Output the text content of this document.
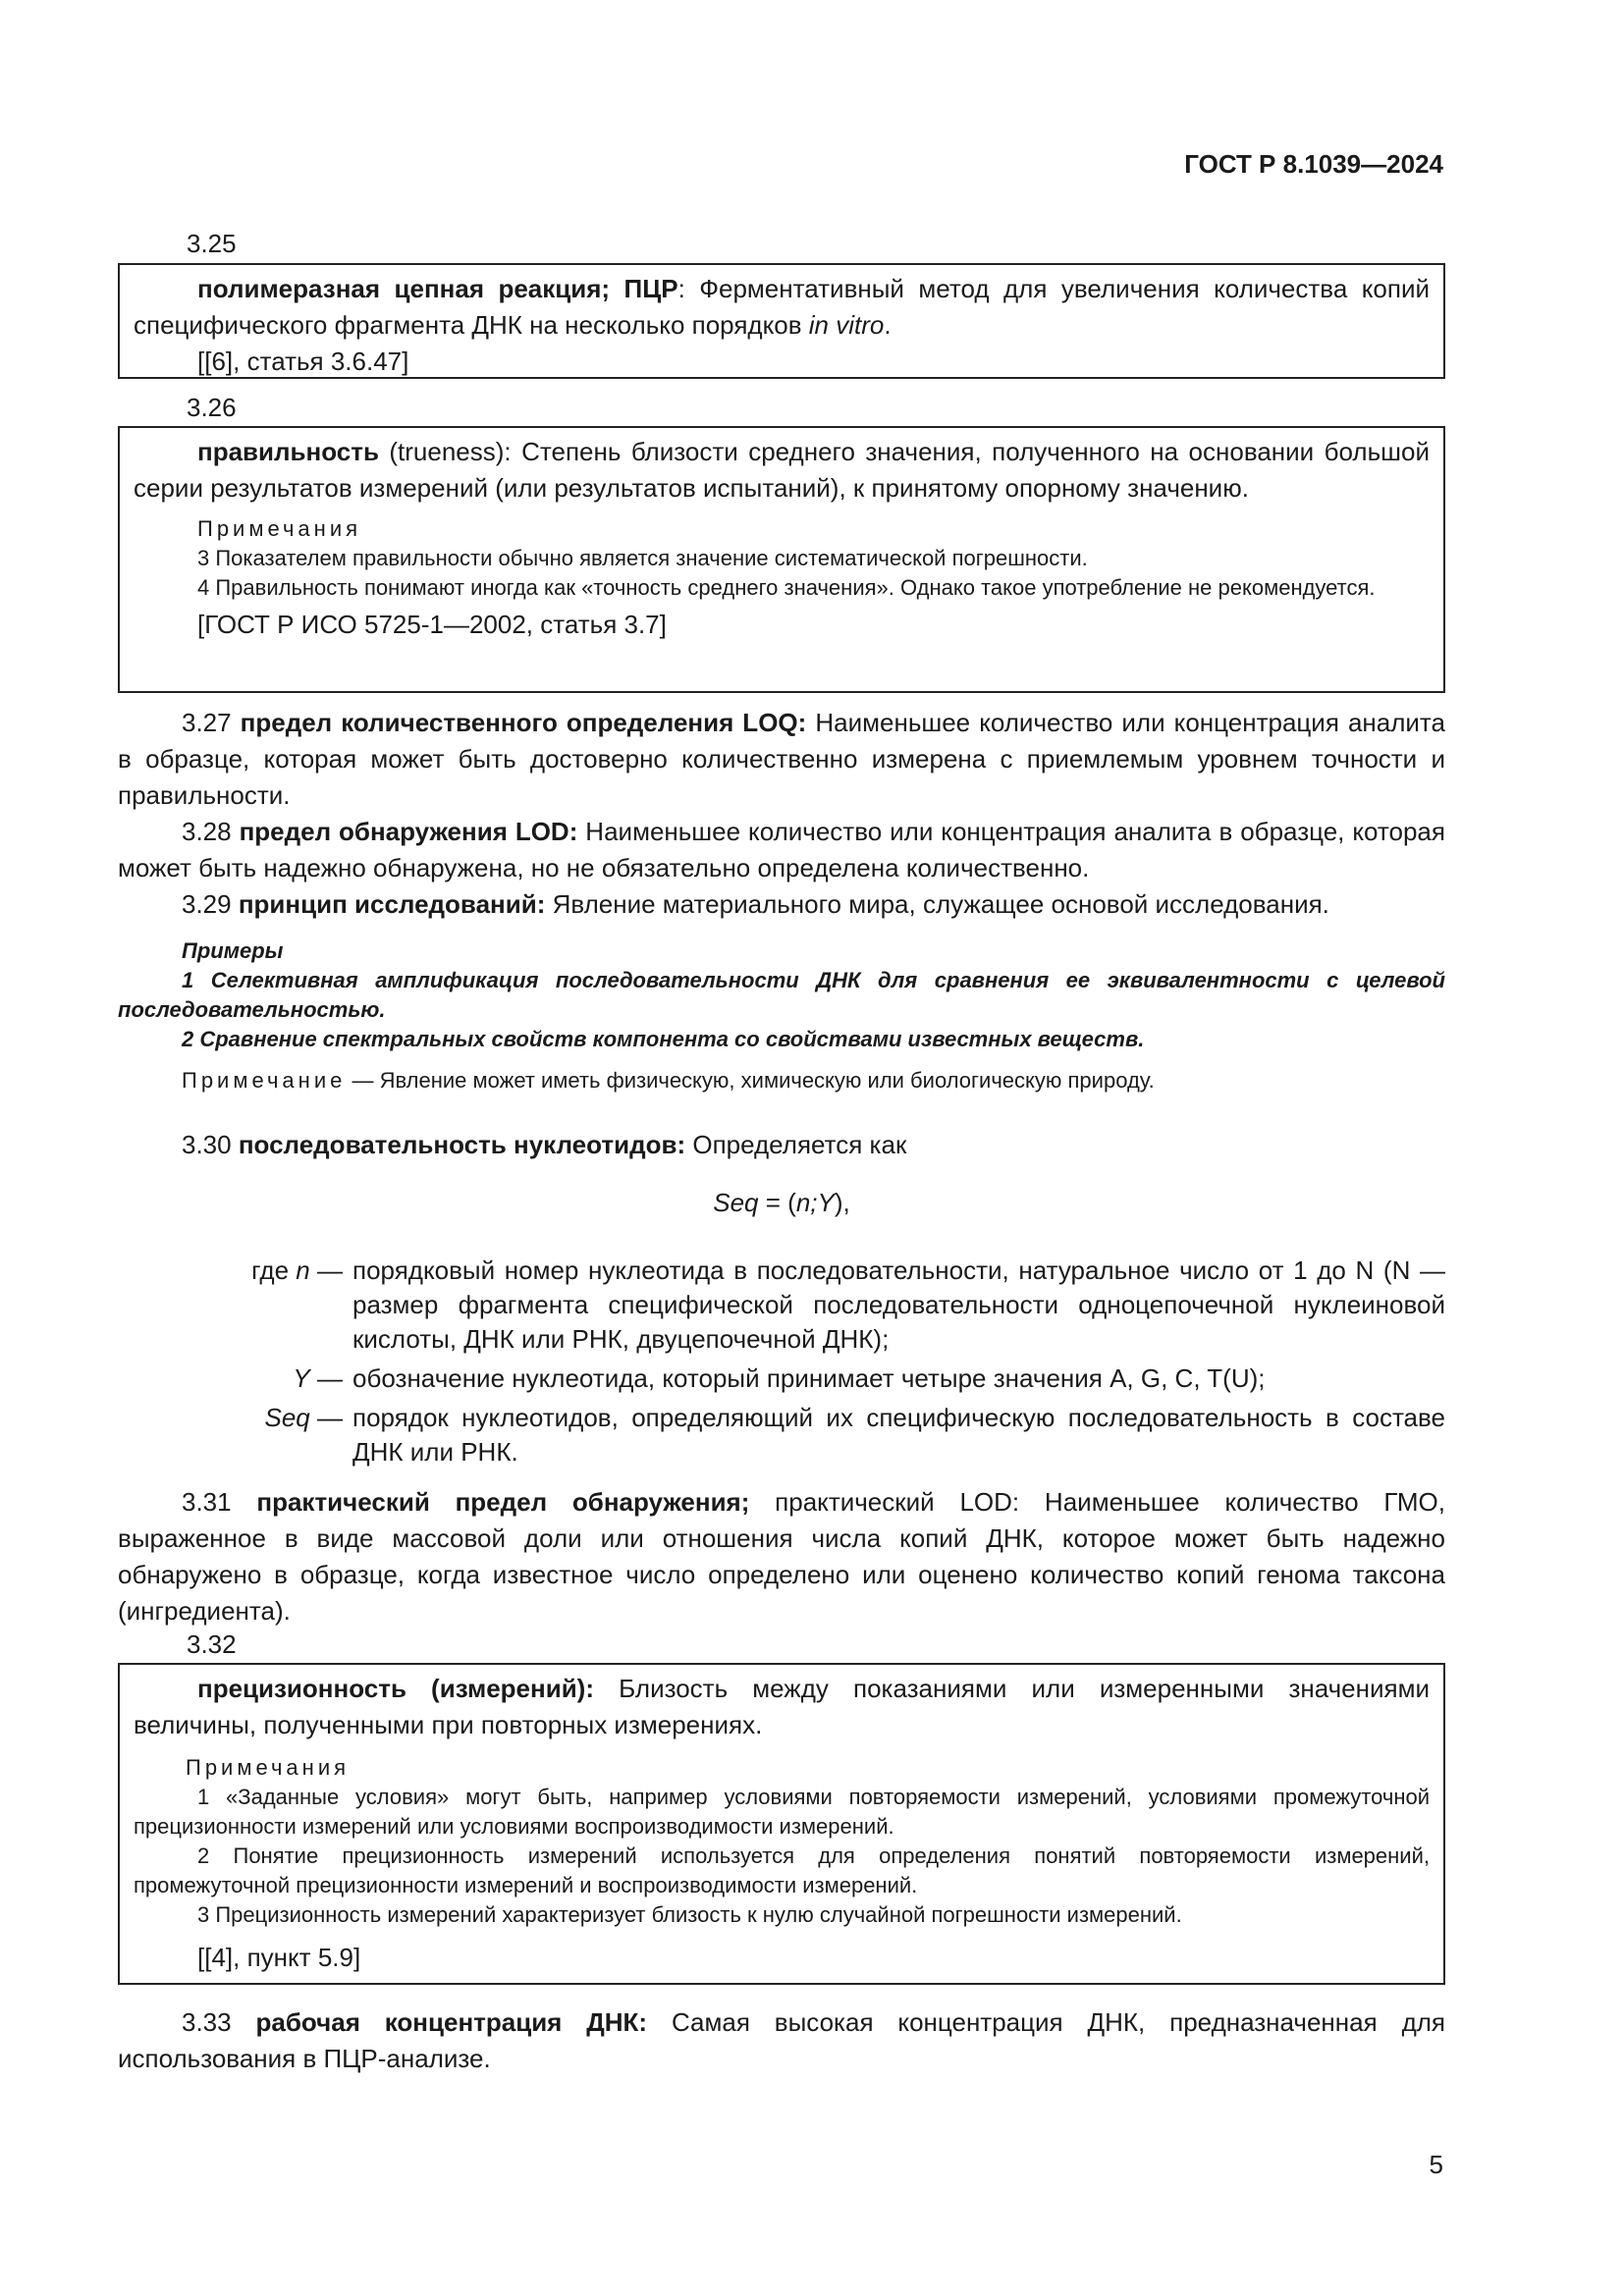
ГОСТ Р 8.1039—2024
3.25

полимеразная цепная реакция; ПЦР: Ферментативный метод для увеличения количества копий специфического фрагмента ДНК на несколько порядков in vitro.

[[6], статья 3.6.47]

3.26

правильность (trueness): Степень близости среднего значения, полученного на основании большой серии результатов измерений (или результатов испытаний), к принятому опорному значению.

Примечания

3 Показателем правильности обычно является значение систематической погрешности.

4 Правильность понимают иногда как «точность среднего значения». Однако такое употребление не рекомендуется.

[ГОСТ Р ИСО 5725-1—2002, статья 3.7]

3.27 предел количественного определения LOQ: Наименьшее количество или концентрация аналита в образце, которая может быть достоверно количественно измерена с приемлемым уровнем точности и правильности.

3.28 предел обнаружения LOD: Наименьшее количество или концентрация аналита в образце, которая может быть надежно обнаружена, но не обязательно определена количественно.

3.29 принцип исследований: Явление материального мира, служащее основой исследования.

Примеры

1 Селективная амплификация последовательности ДНК для сравнения ее эквивалентности с целевой последовательностью.

2 Сравнение спектральных свойств компонента со свойствами известных веществ.

Примечание — Явление может иметь физическую, химическую или биологическую природу.

3.30 последовательность нуклеотидов: Определяется как

Seq = (n;Y),
где n — порядковый номер нуклеотида в последовательности, натуральное число от 1 до N (N — размер фрагмента специфической последовательности одноцепочечной нуклеиновой кислоты, ДНК или РНК, двуцепочечной ДНК);
Y — обозначение нуклеотида, который принимает четыре значения A, G, C, T(U);
Seq — порядок нуклеотидов, определяющий их специфическую последовательность в составе ДНК или РНК.

3.31 практический предел обнаружения; практический LOD: Наименьшее количество ГМО, выраженное в виде массовой доли или отношения числа копий ДНК, которое может быть надежно обнаружено в образце, когда известное число определено или оценено количество копий генома таксона (ингредиента).

3.32

прецизионность (измерений): Близость между показаниями или измеренными значениями величины, полученными при повторных измерениях.

Примечания

1 «Заданные условия» могут быть, например условиями повторяемости измерений, условиями промежуточной прецизионности измерений или условиями воспроизводимости измерений.

2 Понятие прецизионность измерений используется для определения понятий повторяемости измерений, промежуточной прецизионности измерений и воспроизводимости измерений.

3 Прецизионность измерений характеризует близость к нулю случайной погрешности измерений.

[[4], пункт 5.9]

3.33 рабочая концентрация ДНК: Самая высокая концентрация ДНК, предназначенная для использования в ПЦР-анализе.

5
